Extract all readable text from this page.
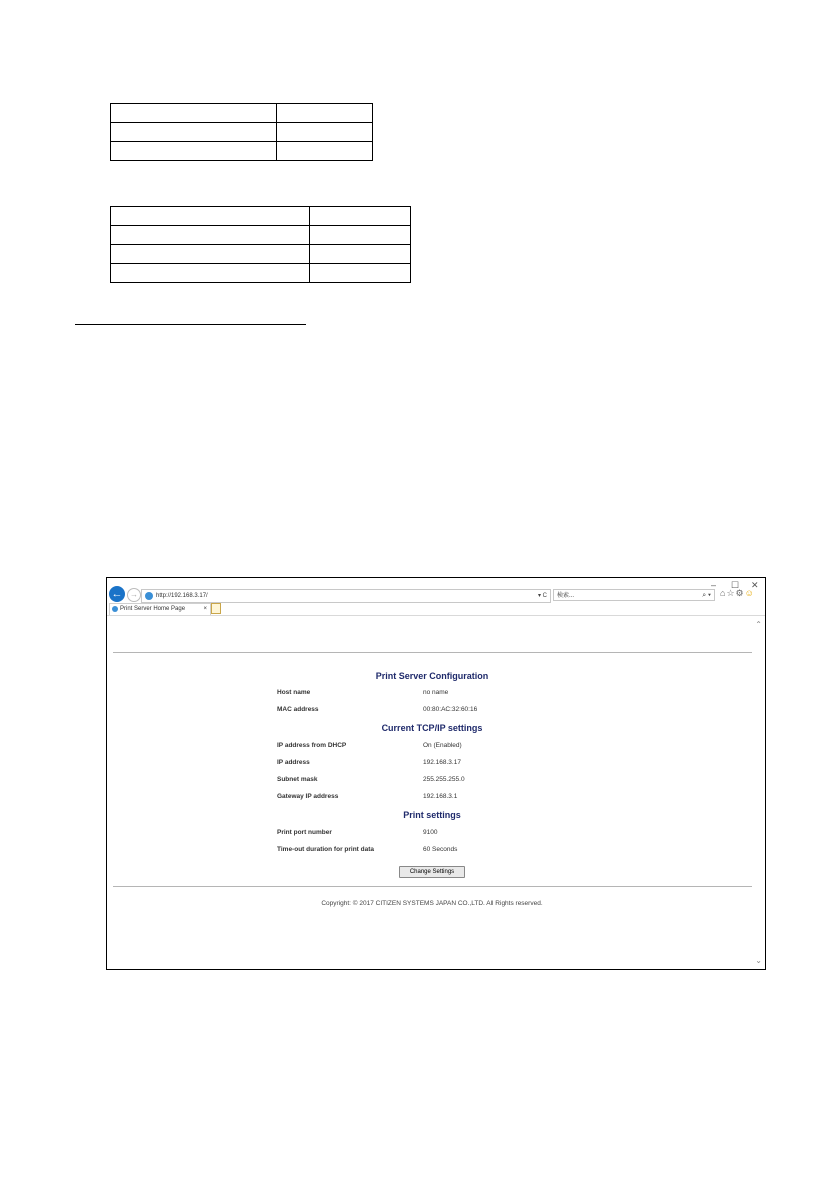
– ☐ ✕
← →	http://192.168.3.17/	▾ C	検索...	⌕ ▾ ⌂☆⚙☺
Print Server Home Page	×
⌃
⌄
Print Server Configuration
Host name	no name
MAC address	00:80:AC:32:60:16
Current TCP/IP settings
IP address from DHCP	On (Enabled)
IP address	192.168.3.17
Subnet mask	255.255.255.0
Gateway IP address	192.168.3.1
Print settings
Print port number	9100
Time-out duration for print data	60 Seconds
Change Settings
Copyright: © 2017 CITIZEN SYSTEMS JAPAN CO.,LTD. All Rights reserved.
